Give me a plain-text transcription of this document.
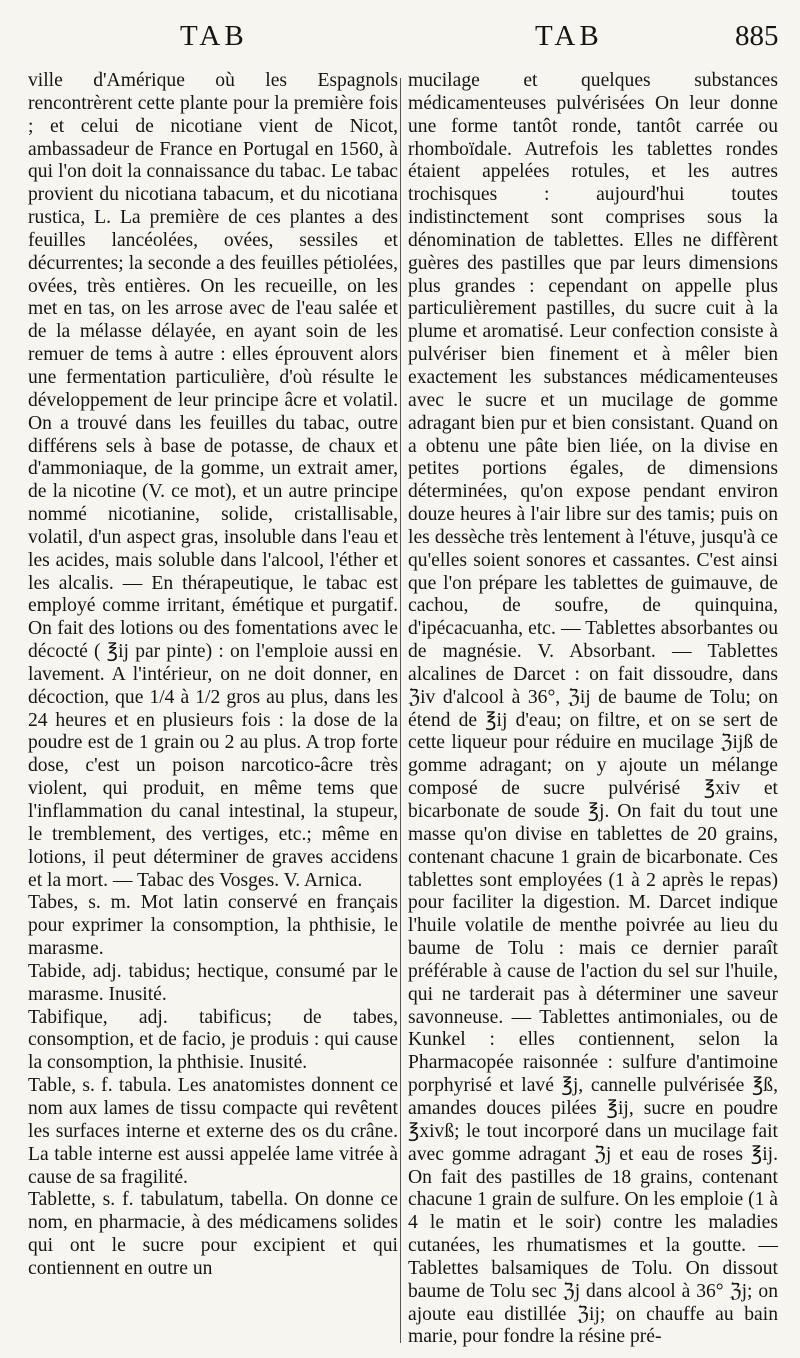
TAB	TAB	885

ville d'Amérique où les Espagnols rencontrèrent cette plante pour la première fois ; et celui de nicotiane vient de Nicot, ambassadeur de France en Portugal en 1560, à qui l'on doit la connaissance du tabac. Le tabac provient du nicotiana tabacum, et du nicotiana rustica, L. La première de ces plantes a des feuilles lancéolées, ovées, sessiles et décurrentes; la seconde a des feuilles pétiolées, ovées, très entières. On les recueille, on les met en tas, on les arrose avec de l'eau salée et de la mélasse délayée, en ayant soin de les remuer de tems à autre : elles éprouvent alors une fermentation particulière, d'où résulte le développement de leur principe âcre et volatil. On a trouvé dans les feuilles du tabac, outre différens sels à base de potasse, de chaux et d'ammoniaque, de la gomme, un extrait amer, de la nicotine (V. ce mot), et un autre principe nommé nicotianine, solide, cristallisable, volatil, d'un aspect gras, insoluble dans l'eau et les acides, mais soluble dans l'alcool, l'éther et les alcalis. — En thérapeutique, le tabac est employé comme irritant, émétique et purgatif. On fait des lotions ou des fomentations avec le décocté ( ℥ij par pinte) : on l'emploie aussi en lavement. A l'intérieur, on ne doit donner, en décoction, que 1/4 à 1/2 gros au plus, dans les 24 heures et en plusieurs fois : la dose de la poudre est de 1 grain ou 2 au plus. A trop forte dose, c'est un poison narcotico-âcre très violent, qui produit, en même tems que l'inflammation du canal intestinal, la stupeur, le tremblement, des vertiges, etc.; même en lotions, il peut déterminer de graves accidens et la mort. — Tabac des Vosges. V. Arnica.

Tabes, s. m. Mot latin conservé en français pour exprimer la consomption, la phthisie, le marasme.

Tabide, adj. tabidus; hectique, consumé par le marasme. Inusité.

Tabifique, adj. tabificus; de tabes, consomption, et de facio, je produis : qui cause la consomption, la phthisie. Inusité.

Table, s. f. tabula. Les anatomistes donnent ce nom aux lames de tissu compacte qui revêtent les surfaces interne et externe des os du crâne. La table interne est aussi appelée lame vitrée à cause de sa fragilité.

Tablette, s. f. tabulatum, tabella. On donne ce nom, en pharmacie, à des médicamens solides qui ont le sucre pour excipient et qui contiennent en outre un

mucilage et quelques substances médicamenteuses pulvérisées On leur donne une forme tantôt ronde, tantôt carrée ou rhomboïdale. Autrefois les tablettes rondes étaient appelées rotules, et les autres trochisques : aujourd'hui toutes indistinctement sont comprises sous la dénomination de tablettes. Elles ne diffèrent guères des pastilles que par leurs dimensions plus grandes : cependant on appelle plus particulièrement pastilles, du sucre cuit à la plume et aromatisé. Leur confection consiste à pulvériser bien finement et à mêler bien exactement les substances médicamenteuses avec le sucre et un mucilage de gomme adragant bien pur et bien consistant. Quand on a obtenu une pâte bien liée, on la divise en petites portions égales, de dimensions déterminées, qu'on expose pendant environ douze heures à l'air libre sur des tamis; puis on les dessèche très lentement à l'étuve, jusqu'à ce qu'elles soient sonores et cassantes. C'est ainsi que l'on prépare les tablettes de guimauve, de cachou, de soufre, de quinquina, d'ipécacuanha, etc. — Tablettes absorbantes ou de magnésie. V. Absorbant. — Tablettes alcalines de Darcet : on fait dissoudre, dans ℨiv d'alcool à 36°, ℨij de baume de Tolu; on étend de ℥ij d'eau; on filtre, et on se sert de cette liqueur pour réduire en mucilage ℨijß de gomme adragant; on y ajoute un mélange composé de sucre pulvérisé ℥xiv et bicarbonate de soude ℥j. On fait du tout une masse qu'on divise en tablettes de 20 grains, contenant chacune 1 grain de bicarbonate. Ces tablettes sont employées (1 à 2 après le repas) pour faciliter la digestion. M. Darcet indique l'huile volatile de menthe poivrée au lieu du baume de Tolu : mais ce dernier paraît préférable à cause de l'action du sel sur l'huile, qui ne tarderait pas à déterminer une saveur savonneuse. — Tablettes antimoniales, ou de Kunkel : elles contiennent, selon la Pharmacopée raisonnée : sulfure d'antimoine porphyrisé et lavé ℥j, cannelle pulvérisée ℥ß, amandes douces pilées ℥ij, sucre en poudre ℥xivß; le tout incorporé dans un mucilage fait avec gomme adragant ℨj et eau de roses ℥ij. On fait des pastilles de 18 grains, contenant chacune 1 grain de sulfure. On les emploie (1 à 4 le matin et le soir) contre les maladies cutanées, les rhumatismes et la goutte. — Tablettes balsamiques de Tolu. On dissout baume de Tolu sec ℨj dans alcool à 36° ℨj; on ajoute eau distillée ℨij; on chauffe au bain marie, pour fondre la résine pré-
